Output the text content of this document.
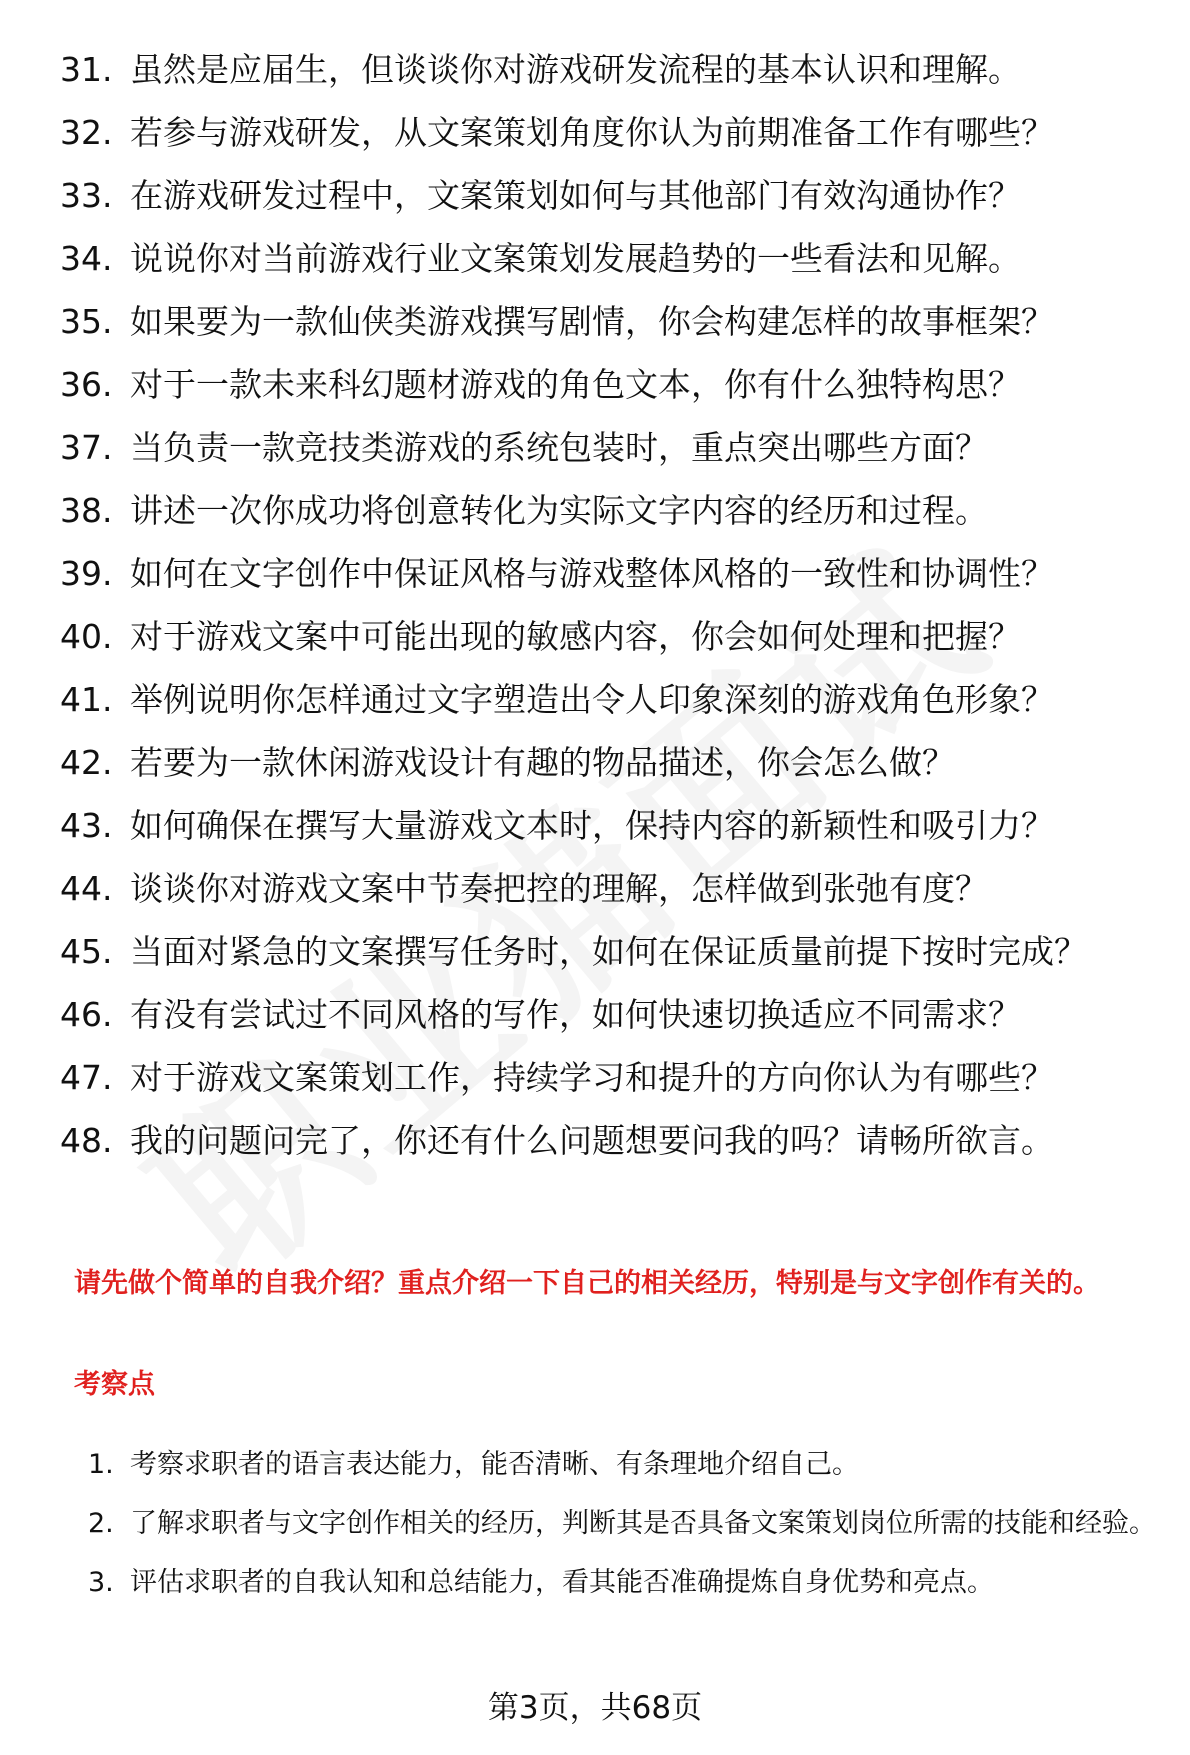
31. 虽然是应届生，但谈谈你对游戏研发流程的基本认识和理解。
32. 若参与游戏研发，从文案策划角度你认为前期准备工作有哪些？
33. 在游戏研发过程中，文案策划如何与其他部门有效沟通协作？
34. 说说你对当前游戏行业文案策划发展趋势的一些看法和见解。
35. 如果要为一款仙侠类游戏撰写剧情，你会构建怎样的故事框架？
36. 对于一款未来科幻题材游戏的角色文本，你有什么独特构思？
37. 当负责一款竞技类游戏的系统包装时，重点突出哪些方面？
38. 讲述一次你成功将创意转化为实际文字内容的经历和过程。
39. 如何在文字创作中保证风格与游戏整体风格的一致性和协调性？
40. 对于游戏文案中可能出现的敏感内容，你会如何处理和把握？
41. 举例说明你怎样通过文字塑造出令人印象深刻的游戏角色形象？
42. 若要为一款休闲游戏设计有趣的物品描述，你会怎么做？
43. 如何确保在撰写大量游戏文本时，保持内容的新颖性和吸引力？
44. 谈谈你对游戏文案中节奏把控的理解，怎样做到张弛有度？
45. 当面对紧急的文案撰写任务时，如何在保证质量前提下按时完成？
46. 有没有尝试过不同风格的写作，如何快速切换适应不同需求？
47. 对于游戏文案策划工作，持续学习和提升的方向你认为有哪些？
48. 我的问题问完了，你还有什么问题想要问我的吗？请畅所欲言。
请先做个简单的自我介绍？重点介绍一下自己的相关经历，特别是与文字创作有关的。
考察点
1. 考察求职者的语言表达能力，能否清晰、有条理地介绍自己。
2. 了解求职者与文字创作相关的经历，判断其是否具备文案策划岗位所需的技能和经验。
3. 评估求职者的自我认知和总结能力，看其能否准确提炼自身优势和亮点。
第3页，共68页
